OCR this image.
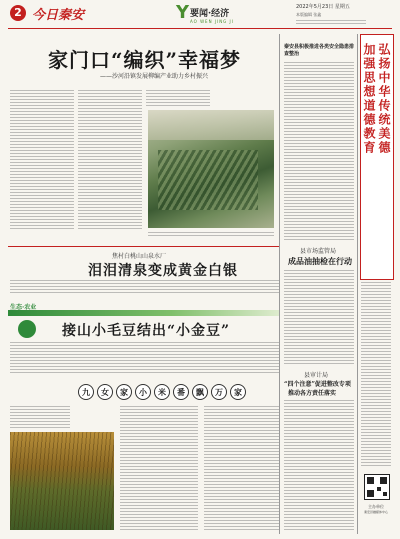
2 今日秦安	Y 要闻·经济
AO WEN JING JI
2022年5月23日 星期五
本版编辑 张鑫
家门口“编织”幸福梦
——沙河沿镇发展柳编产业助力乡村振兴
秦安县积极推进各类安全隐患排查整治	加强思想道德教育 弘扬中华传统美德
焦村白桃山山泉水厂
泪泪清泉变成黄金白银
县市场监管局
成品油抽检在行动
生态·农业
接山小毛豆结出“小金豆”
九	女	家	小	米	番	飘	万	家
县审计局
“四个注意”促进整改专项
推动各方责任落实
主办单位
秦安县融媒体中心
